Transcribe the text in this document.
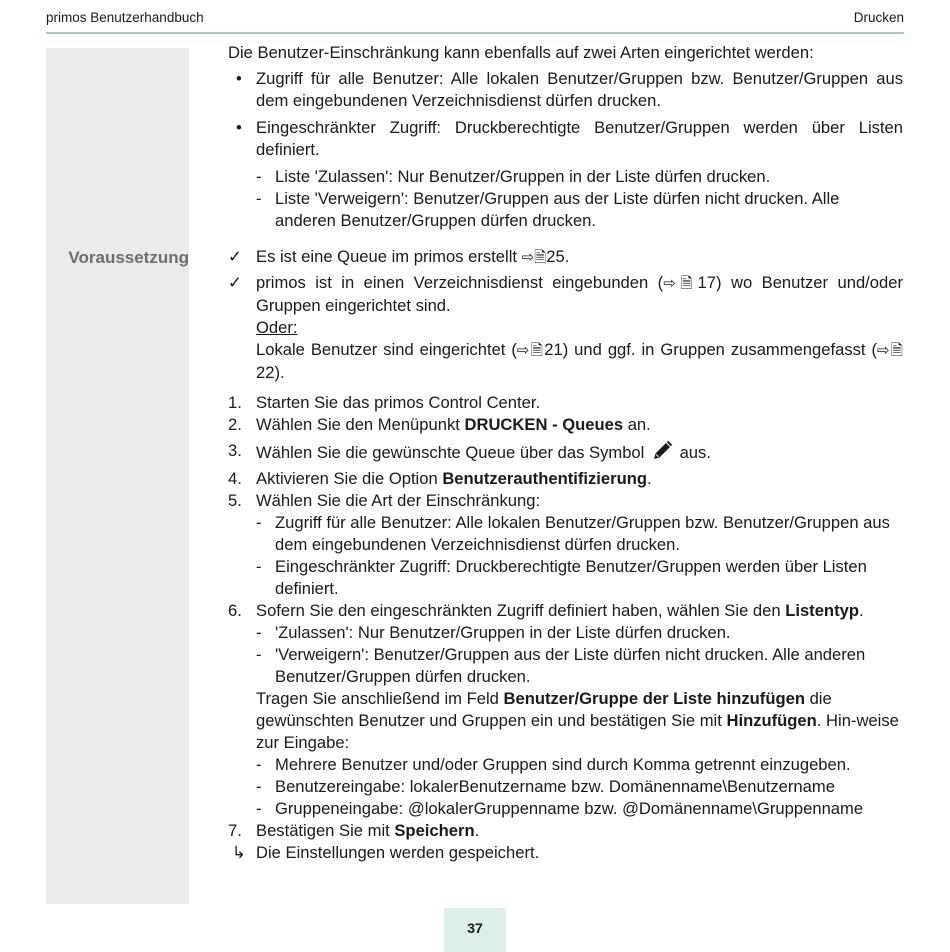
primos Benutzerhandbuch	Drucken
Voraussetzung

Die Benutzer-Einschränkung kann ebenfalls auf zwei Arten eingerichtet werden:

• Zugriff für alle Benutzer: Alle lokalen Benutzer/Gruppen bzw. Benutzer/Gruppen aus dem eingebundenen Verzeichnisdienst dürfen drucken.
• Eingeschränkter Zugriff: Druckberechtigte Benutzer/Gruppen werden über Listen definiert.
- Liste 'Zulassen': Nur Benutzer/Gruppen in der Liste dürfen drucken.
- Liste 'Verweigern': Benutzer/Gruppen aus der Liste dürfen nicht drucken. Alle anderen Benutzer/Gruppen dürfen drucken.
✓ Es ist eine Queue im primos erstellt ⇨🗎25.
✓ primos ist in einen Verzeichnisdienst eingebunden (⇨🗎17) wo Benutzer und/oder Gruppen eingerichtet sind.
Oder:
Lokale Benutzer sind eingerichtet (⇨🗎21) und ggf. in Gruppen zusammengefasst (⇨🗎22).
1. Starten Sie das primos Control Center.
2. Wählen Sie den Menüpunkt DRUCKEN - Queues an.
3. Wählen Sie die gewünschte Queue über das Symbol  aus.
4. Aktivieren Sie die Option Benutzerauthentifizierung.
5. Wählen Sie die Art der Einschränkung:
- Zugriff für alle Benutzer: Alle lokalen Benutzer/Gruppen bzw. Benutzer/Gruppen aus dem eingebundenen Verzeichnisdienst dürfen drucken.
- Eingeschränkter Zugriff: Druckberechtigte Benutzer/Gruppen werden über Listen definiert.
6. Sofern Sie den eingeschränkten Zugriff definiert haben, wählen Sie den Listentyp.
- 'Zulassen': Nur Benutzer/Gruppen in der Liste dürfen drucken.
- 'Verweigern': Benutzer/Gruppen aus der Liste dürfen nicht drucken. Alle anderen Benutzer/Gruppen dürfen drucken.
Tragen Sie anschließend im Feld Benutzer/Gruppe der Liste hinzufügen die gewünschten Benutzer und Gruppen ein und bestätigen Sie mit Hinzufügen. Hin-weise zur Eingabe:
- Mehrere Benutzer und/oder Gruppen sind durch Komma getrennt einzugeben.
- Benutzereingabe: lokalerBenutzername bzw. Domänenname\Benutzername
- Gruppeneingabe: @lokalerGruppenname bzw. @Domänenname\Gruppenname
7. Bestätigen Sie mit Speichern.
↳ Die Einstellungen werden gespeichert.
37
